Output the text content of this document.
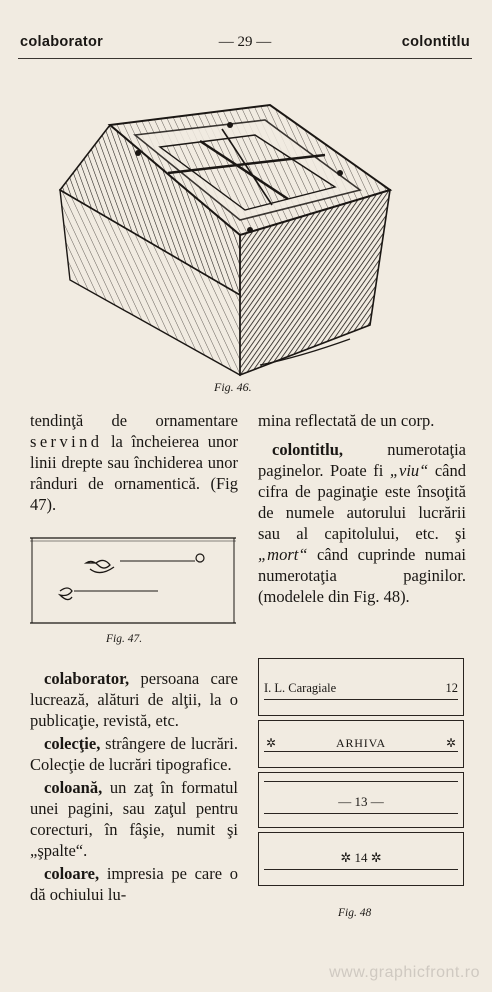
colaborator	— 29 —	colontitlu
Fig. 46.

tendinţă de ornamentare servind la încheierea unor linii drepte sau închiderea unor rânduri de ornamentică. (Fig 47).

Fig. 47.

colaborator, persoana care lucrează, alături de alţii, la o publicaţie, revistă, etc.

colecţie, strângere de lucrări. Colecţie de lucrări tipografice.

coloană, un zaţ în formatul unei pagini, sau zaţul pentru corecturi, în fâşie, numit şi „şpalte“.

coloare, impresia pe care o dă ochiului lu-

mina reflectată de un corp.

colontitlu,	numerotaţia paginelor. Poate fi „viu“ când cifra de paginaţie este însoţită de numele autorului lucrării sau al capitolului, etc. şi „mort“ când cuprinde numai numerotaţia paginilor. (modelele din Fig. 48).

I. L. Caragiale	12
✲	ARHIVA	✲
— 13 —
✲ 14 ✲
Fig. 48
www.graphicfront.ro
